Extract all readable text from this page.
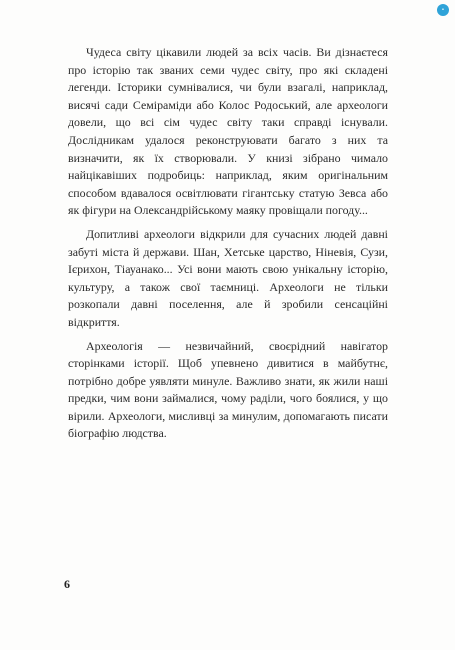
•

Чудеса світу цікавили людей за всіх часів. Ви дізнаєтеся про історію так званих семи чудес світу, про які складені легенди. Історики сумнівалися, чи були взагалі, наприклад, висячі сади Семіраміди або Колос Родоський, але археологи довели, що всі сім чудес світу таки справді існували. Дослідникам удалося реконструювати багато з них та визначити, як їх створювали. У книзі зібрано чимало найцікавіших подробиць: наприклад, яким оригінальним способом вдавалося освітлювати гігантську статую Зевса або як фігури на Олександрійському маяку провіщали погоду...

Допитливі археологи відкрили для сучасних людей давні забуті міста й держави. Шан, Хетське царство, Ніневія, Сузи, Ієрихон, Тіауанако... Усі вони мають свою унікальну історію, культуру, а також свої таємниці. Археологи не тільки розкопали давні поселення, але й зробили сенсаційні відкриття.

Археологія — незвичайний, своєрідний навігатор сторінками історії. Щоб упевнено дивитися в майбутнє, потрібно добре уявляти минуле. Важливо знати, як жили наші предки, чим вони займалися, чому раділи, чого боялися, у що вірили. Археологи, мисливці за минулим, допомагають писати біографію людства.

6
